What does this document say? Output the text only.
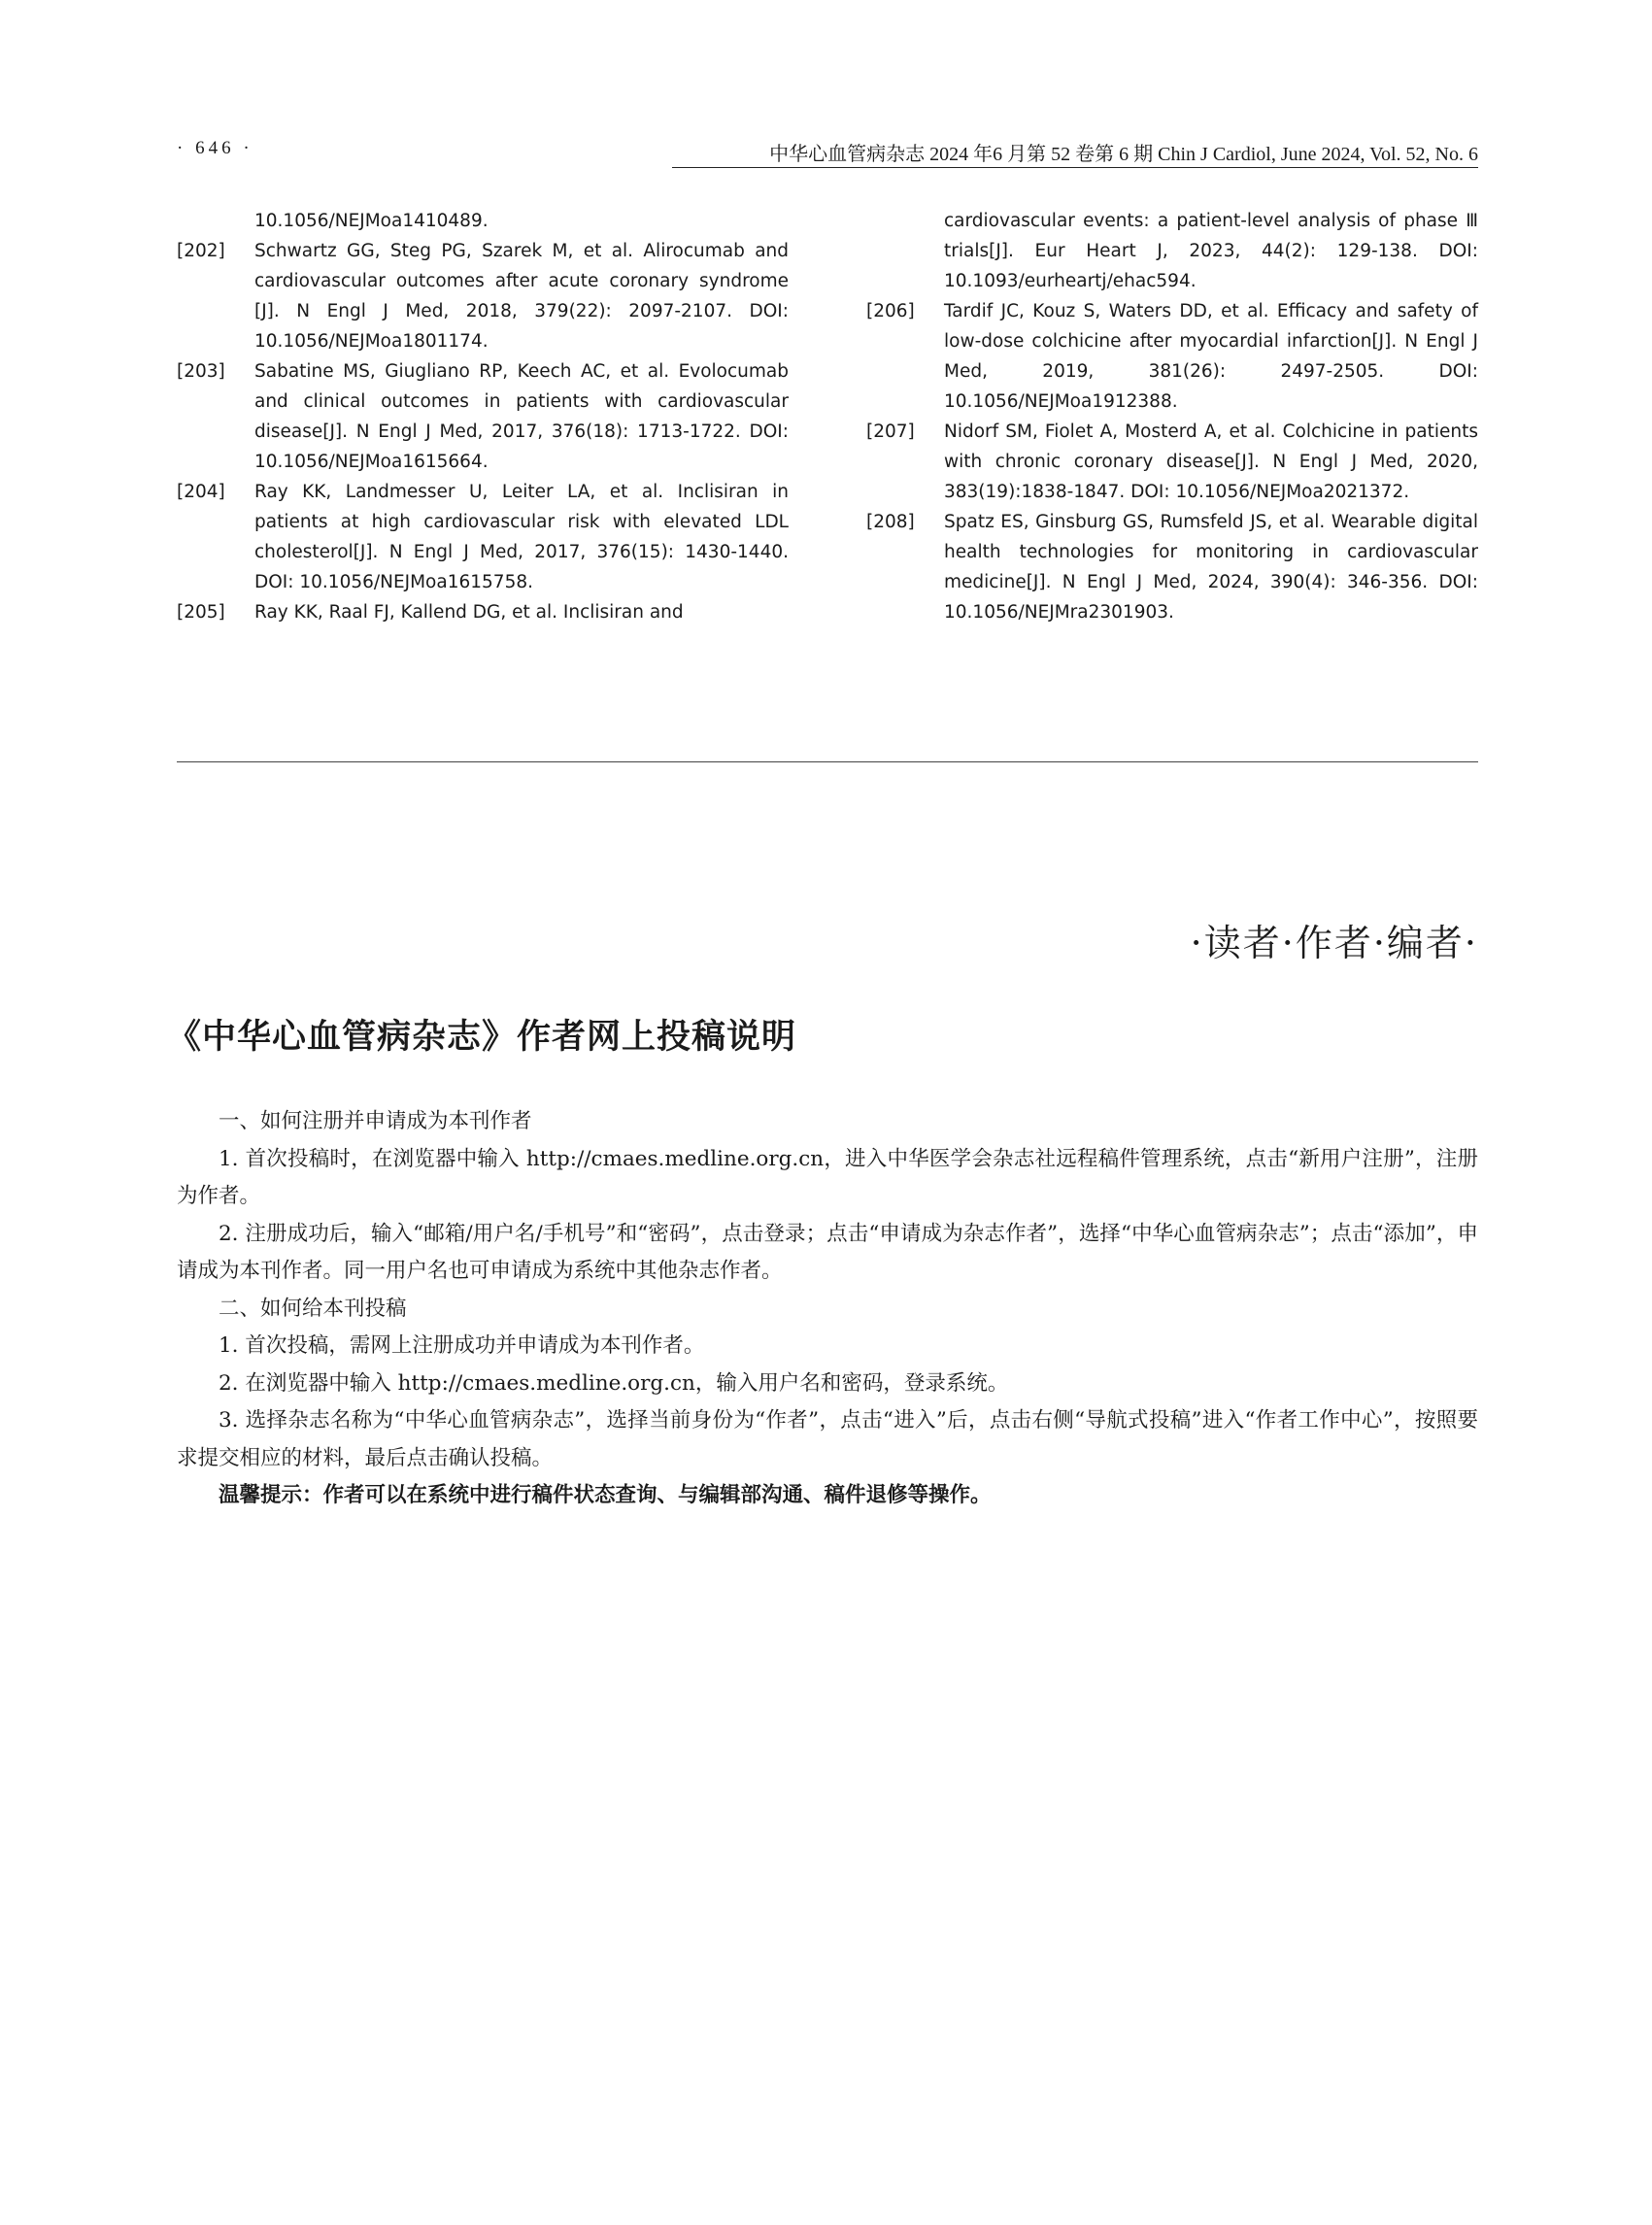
· 646 ·	中华心血管病杂志 2024 年6 月第 52 卷第 6 期 Chin J Cardiol, June 2024, Vol. 52, No. 6
10.1056/NEJMoa1410489.
[202]	Schwartz GG, Steg PG, Szarek M, et al. Alirocumab and cardiovascular outcomes after acute coronary syndrome [J]. N Engl J Med, 2018, 379(22): 2097-2107. DOI: 10.1056/NEJMoa1801174.
[203]	Sabatine MS, Giugliano RP, Keech AC, et al. Evolocumab and clinical outcomes in patients with cardiovascular disease[J]. N Engl J Med, 2017, 376(18): 1713-1722. DOI: 10.1056/NEJMoa1615664.
[204]	Ray KK, Landmesser U, Leiter LA, et al. Inclisiran in patients at high cardiovascular risk with elevated LDL cholesterol[J]. N Engl J Med, 2017, 376(15): 1430-1440. DOI: 10.1056/NEJMoa1615758.
[205]	Ray KK, Raal FJ, Kallend DG, et al. Inclisiran and
cardiovascular events: a patient-level analysis of phase Ⅲ trials[J]. Eur Heart J, 2023, 44(2): 129-138. DOI: 10.1093/eurheartj/ehac594.
[206]	Tardif JC, Kouz S, Waters DD, et al. Efficacy and safety of low-dose colchicine after myocardial infarction[J]. N Engl J Med, 2019, 381(26): 2497-2505. DOI: 10.1056/NEJMoa1912388.
[207]	Nidorf SM, Fiolet A, Mosterd A, et al. Colchicine in patients with chronic coronary disease[J]. N Engl J Med, 2020, 383(19):1838-1847. DOI: 10.1056/NEJMoa2021372.
[208]	Spatz ES, Ginsburg GS, Rumsfeld JS, et al. Wearable digital health technologies for monitoring in cardiovascular medicine[J]. N Engl J Med, 2024, 390(4): 346-356. DOI: 10.1056/NEJMra2301903.
·读者·作者·编者·
《中华心血管病杂志》作者网上投稿说明

一、如何注册并申请成为本刊作者

1. 首次投稿时，在浏览器中输入 http://cmaes.medline.org.cn，进入中华医学会杂志社远程稿件管理系统，点击“新用户注册”，注册为作者。

2. 注册成功后，输入“邮箱/用户名/手机号”和“密码”，点击登录；点击“申请成为杂志作者”，选择“中华心血管病杂志”；点击“添加”，申请成为本刊作者。同一用户名也可申请成为系统中其他杂志作者。

二、如何给本刊投稿

1. 首次投稿，需网上注册成功并申请成为本刊作者。

2. 在浏览器中输入 http://cmaes.medline.org.cn，输入用户名和密码，登录系统。

3. 选择杂志名称为“中华心血管病杂志”，选择当前身份为“作者”，点击“进入”后，点击右侧“导航式投稿”进入“作者工作中心”，按照要求提交相应的材料，最后点击确认投稿。

温馨提示：作者可以在系统中进行稿件状态查询、与编辑部沟通、稿件退修等操作。
